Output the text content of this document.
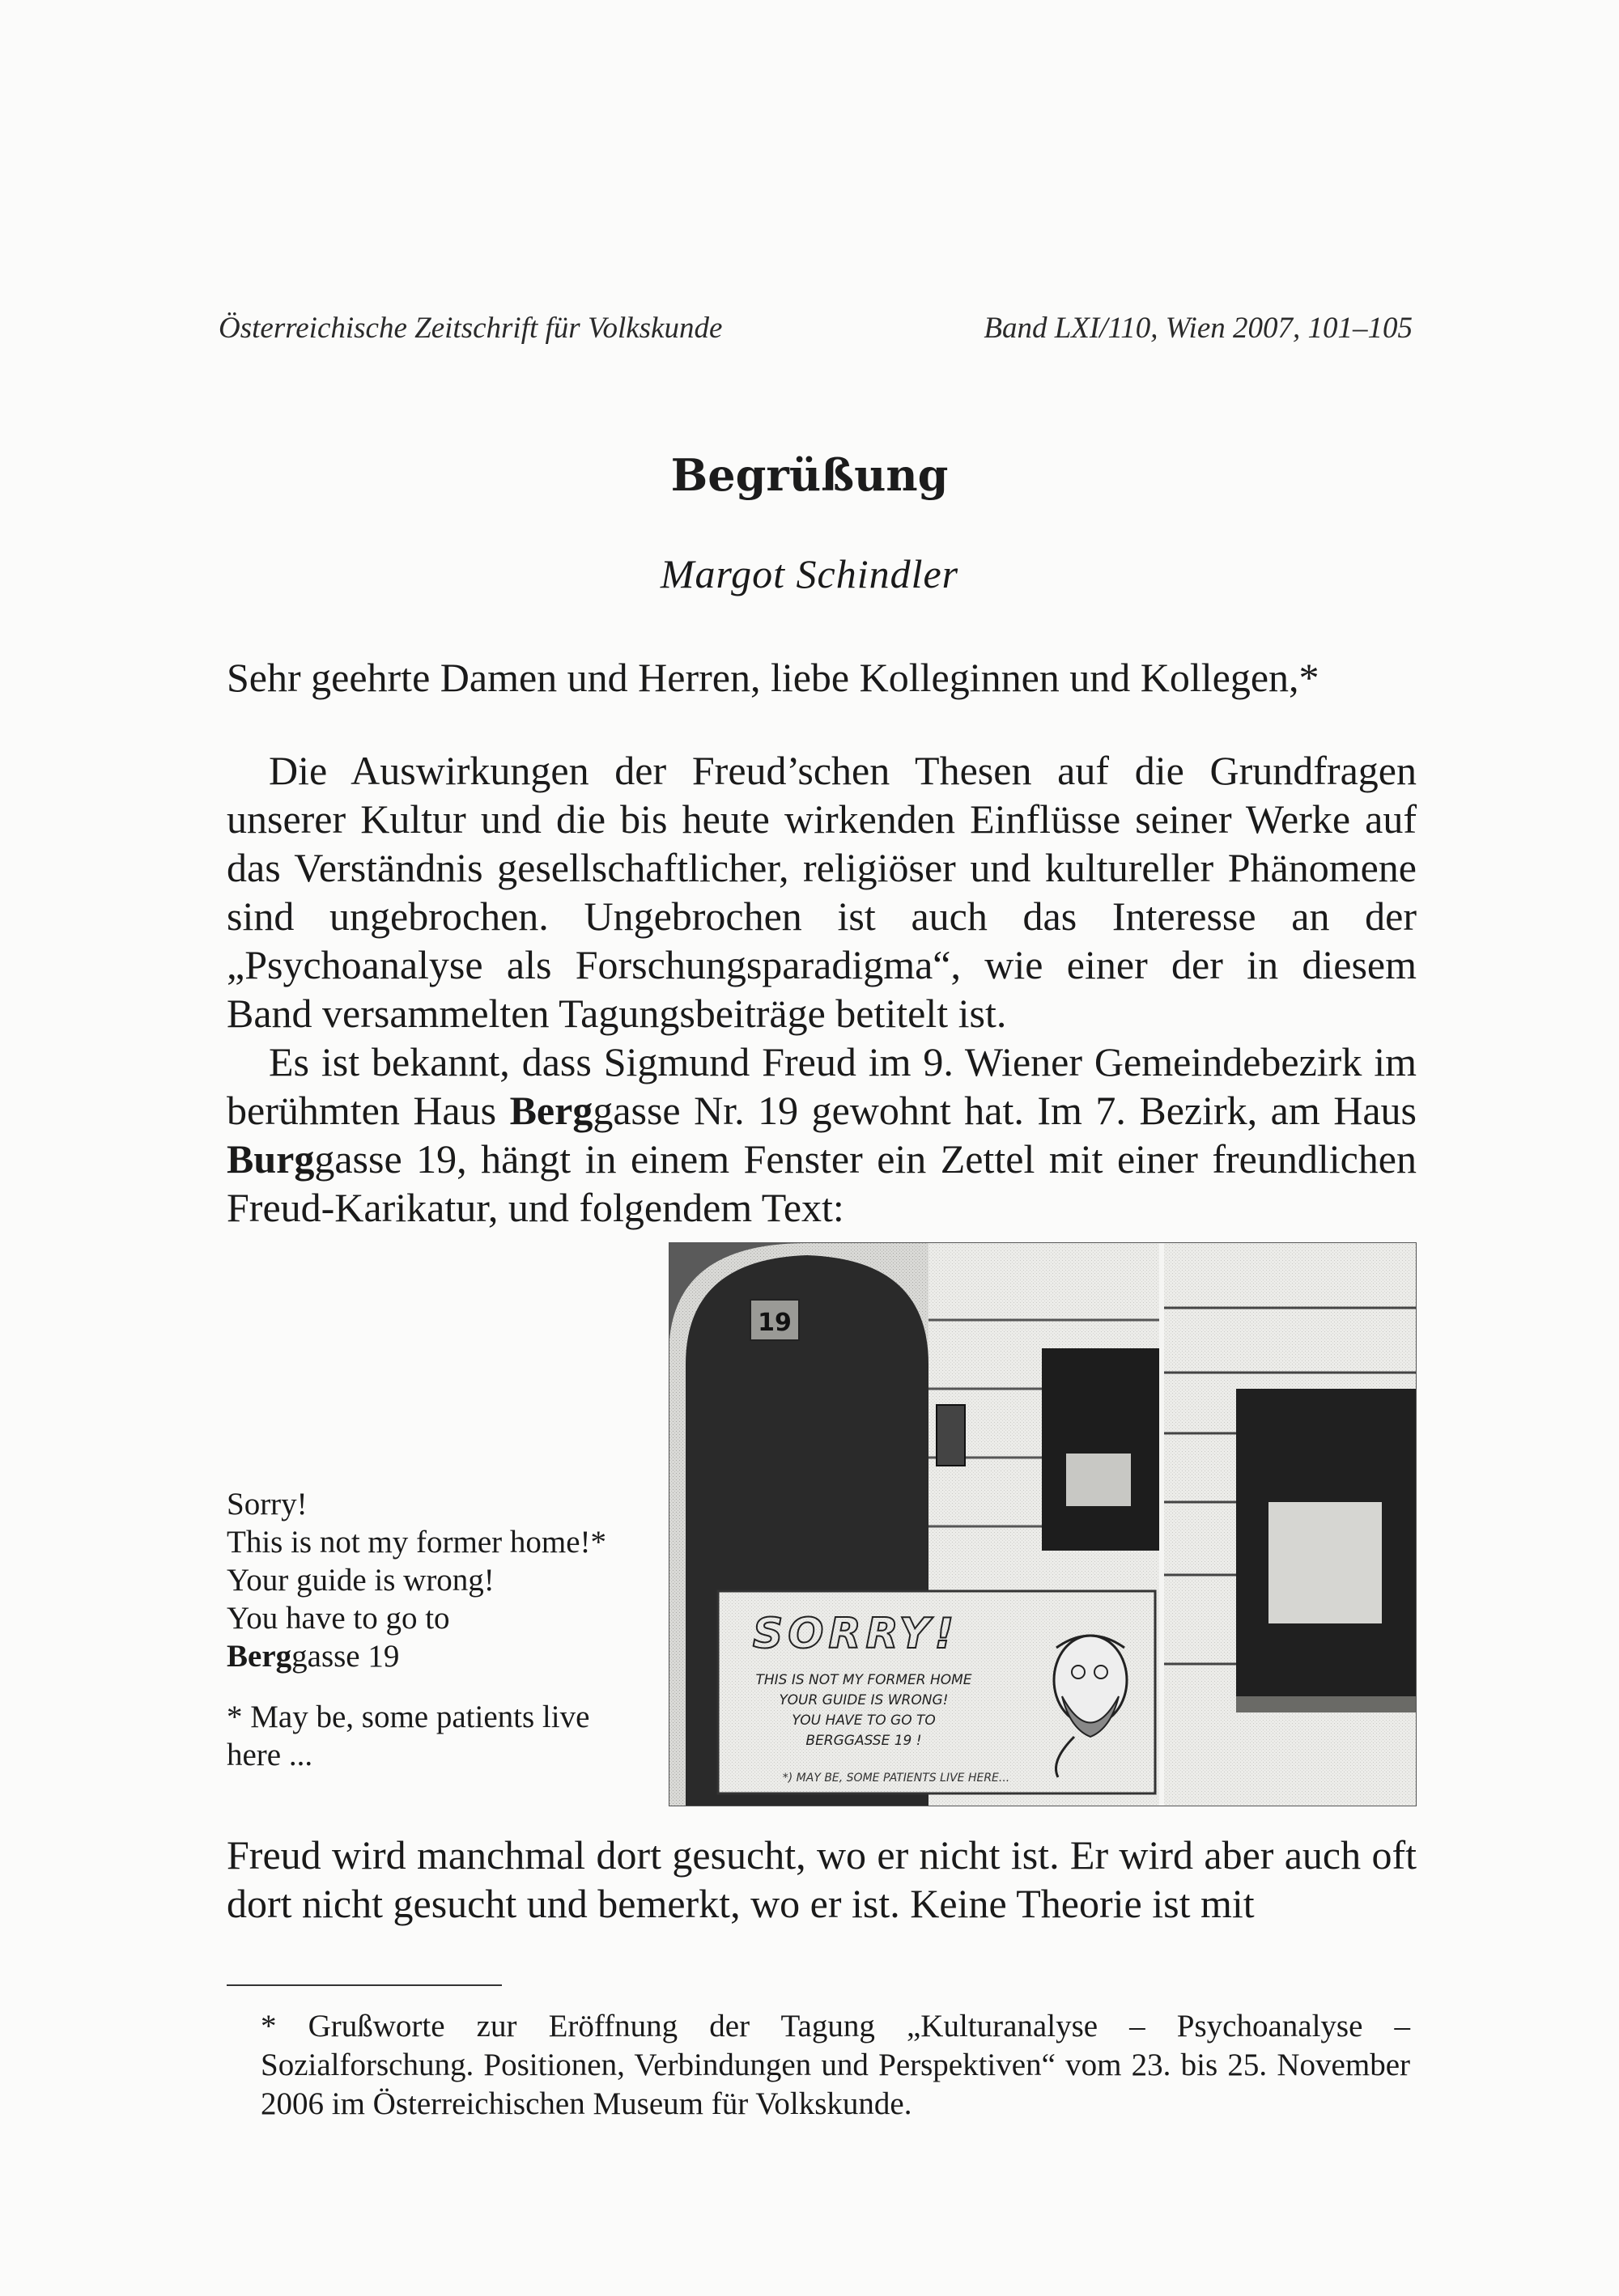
Österreichische Zeitschrift für Volkskunde	Band LXI/110, Wien 2007, 101–105
Begrüßung
Margot Schindler
Sehr geehrte Damen und Herren, liebe Kolleginnen und Kollegen,*

Die Auswirkungen der Freud’schen Thesen auf die Grundfragen unserer Kultur und die bis heute wirkenden Einflüsse seiner Werke auf das Verständnis gesellschaftlicher, religiöser und kultureller Phänomene sind ungebrochen. Ungebrochen ist auch das Interesse an der „Psychoanalyse als Forschungsparadigma“, wie einer der in diesem Band versammelten Tagungsbeiträge betitelt ist.

Es ist bekannt, dass Sigmund Freud im 9. Wiener Gemeindebezirk im berühmten Haus Berggasse Nr. 19 gewohnt hat. Im 7. Bezirk, am Haus Burggasse 19, hängt in einem Fenster ein Zettel mit einer freundlichen Freud-Karikatur, und folgendem Text:

19
SORRY!
THIS IS NOT MY FORMER HOME
YOUR GUIDE IS WRONG!
YOU HAVE TO GO TO
BERGGASSE 19 !
*) MAY BE, SOME PATIENTS LIVE HERE...
Sorry!
This is not my former home!*
Your guide is wrong!
You have to go to
Berggasse 19
* May be, some patients live here ...
Freud wird manchmal dort gesucht, wo er nicht ist. Er wird aber auch oft dort nicht gesucht und bemerkt, wo er ist. Keine Theorie ist mit
* Grußworte zur Eröffnung der Tagung „Kulturanalyse – Psychoanalyse – Sozialforschung. Positionen, Verbindungen und Perspektiven“ vom 23. bis 25. November 2006 im Österreichischen Museum für Volkskunde.
